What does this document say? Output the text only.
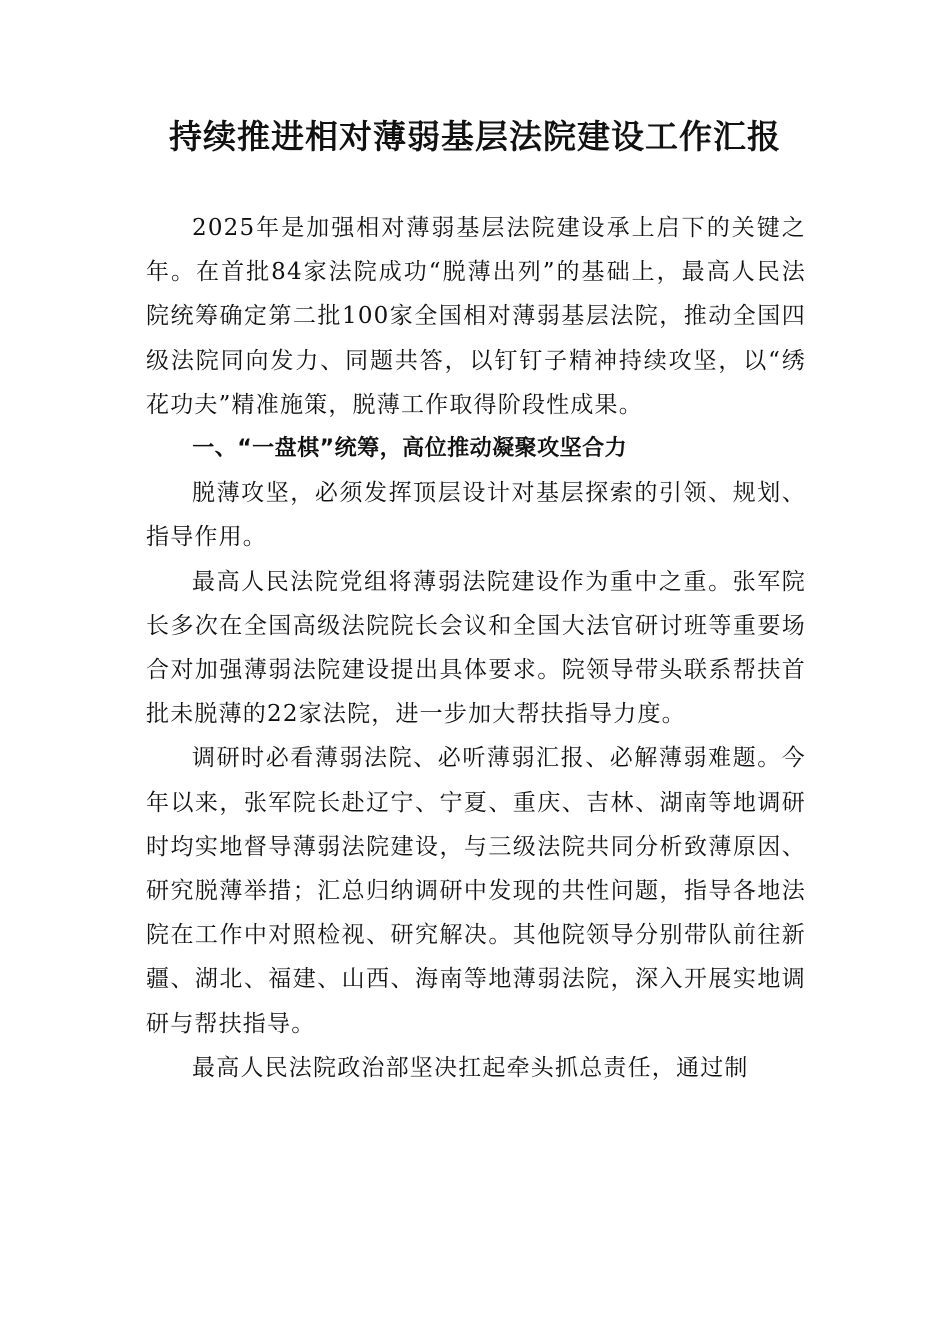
持续推进相对薄弱基层法院建设工作汇报

2025年是加强相对薄弱基层法院建设承上启下的关键之年。在首批84家法院成功“脱薄出列”的基础上，最高人民法院统筹确定第二批100家全国相对薄弱基层法院，推动全国四级法院同向发力、同题共答，以钉钉子精神持续攻坚，以“绣花功夫”精准施策，脱薄工作取得阶段性成果。

一、“一盘棋”统筹，高位推动凝聚攻坚合力

脱薄攻坚，必须发挥顶层设计对基层探索的引领、规划、指导作用。

最高人民法院党组将薄弱法院建设作为重中之重。张军院长多次在全国高级法院院长会议和全国大法官研讨班等重要场合对加强薄弱法院建设提出具体要求。院领导带头联系帮扶首批未脱薄的22家法院，进一步加大帮扶指导力度。

调研时必看薄弱法院、必听薄弱汇报、必解薄弱难题。今年以来，张军院长赴辽宁、宁夏、重庆、吉林、湖南等地调研时均实地督导薄弱法院建设，与三级法院共同分析致薄原因、研究脱薄举措；汇总归纳调研中发现的共性问题，指导各地法院在工作中对照检视、研究解决。其他院领导分别带队前往新疆、湖北、福建、山西、海南等地薄弱法院，深入开展实地调研与帮扶指导。

最高人民法院政治部坚决扛起牵头抓总责任，通过制
